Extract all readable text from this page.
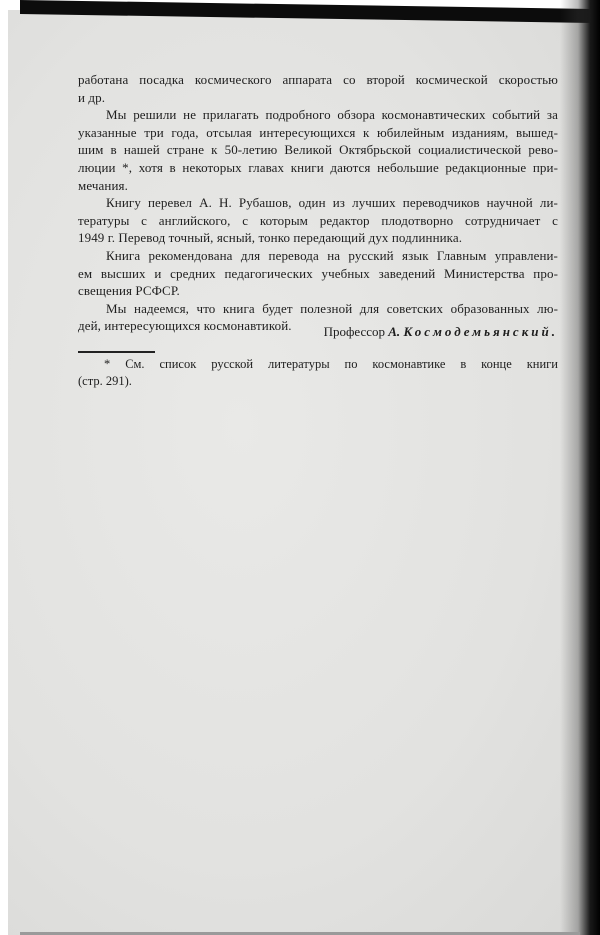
работана посадка космического аппарата со второй космической скоростью
и др.

Мы решили не прилагать подробного обзора космонавтических событий за
указанные три года, отсылая интересующихся к юбилейным изданиям, вышед-
шим в нашей стране к 50-летию Великой Октябрьской социалистической рево-
люции *, хотя в некоторых главах книги даются небольшие редакционные при-
мечания.

Книгу перевел А. Н. Рубашов, один из лучших переводчиков научной ли-
тературы с английского, с которым редактор плодотворно сотрудничает с
1949 г. Перевод точный, ясный, тонко передающий дух подлинника.

Книга рекомендована для перевода на русский язык Главным управлени-
ем высших и средних педагогических учебных заведений Министерства про-
свещения РСФСР.

Мы надеемся, что книга будет полезной для советских образованных лю-
дей, интересующихся космонавтикой.	Профессор А. Космодемьянский.
* См. список русской литературы по космонавтике в конце книги
(стр. 291).
